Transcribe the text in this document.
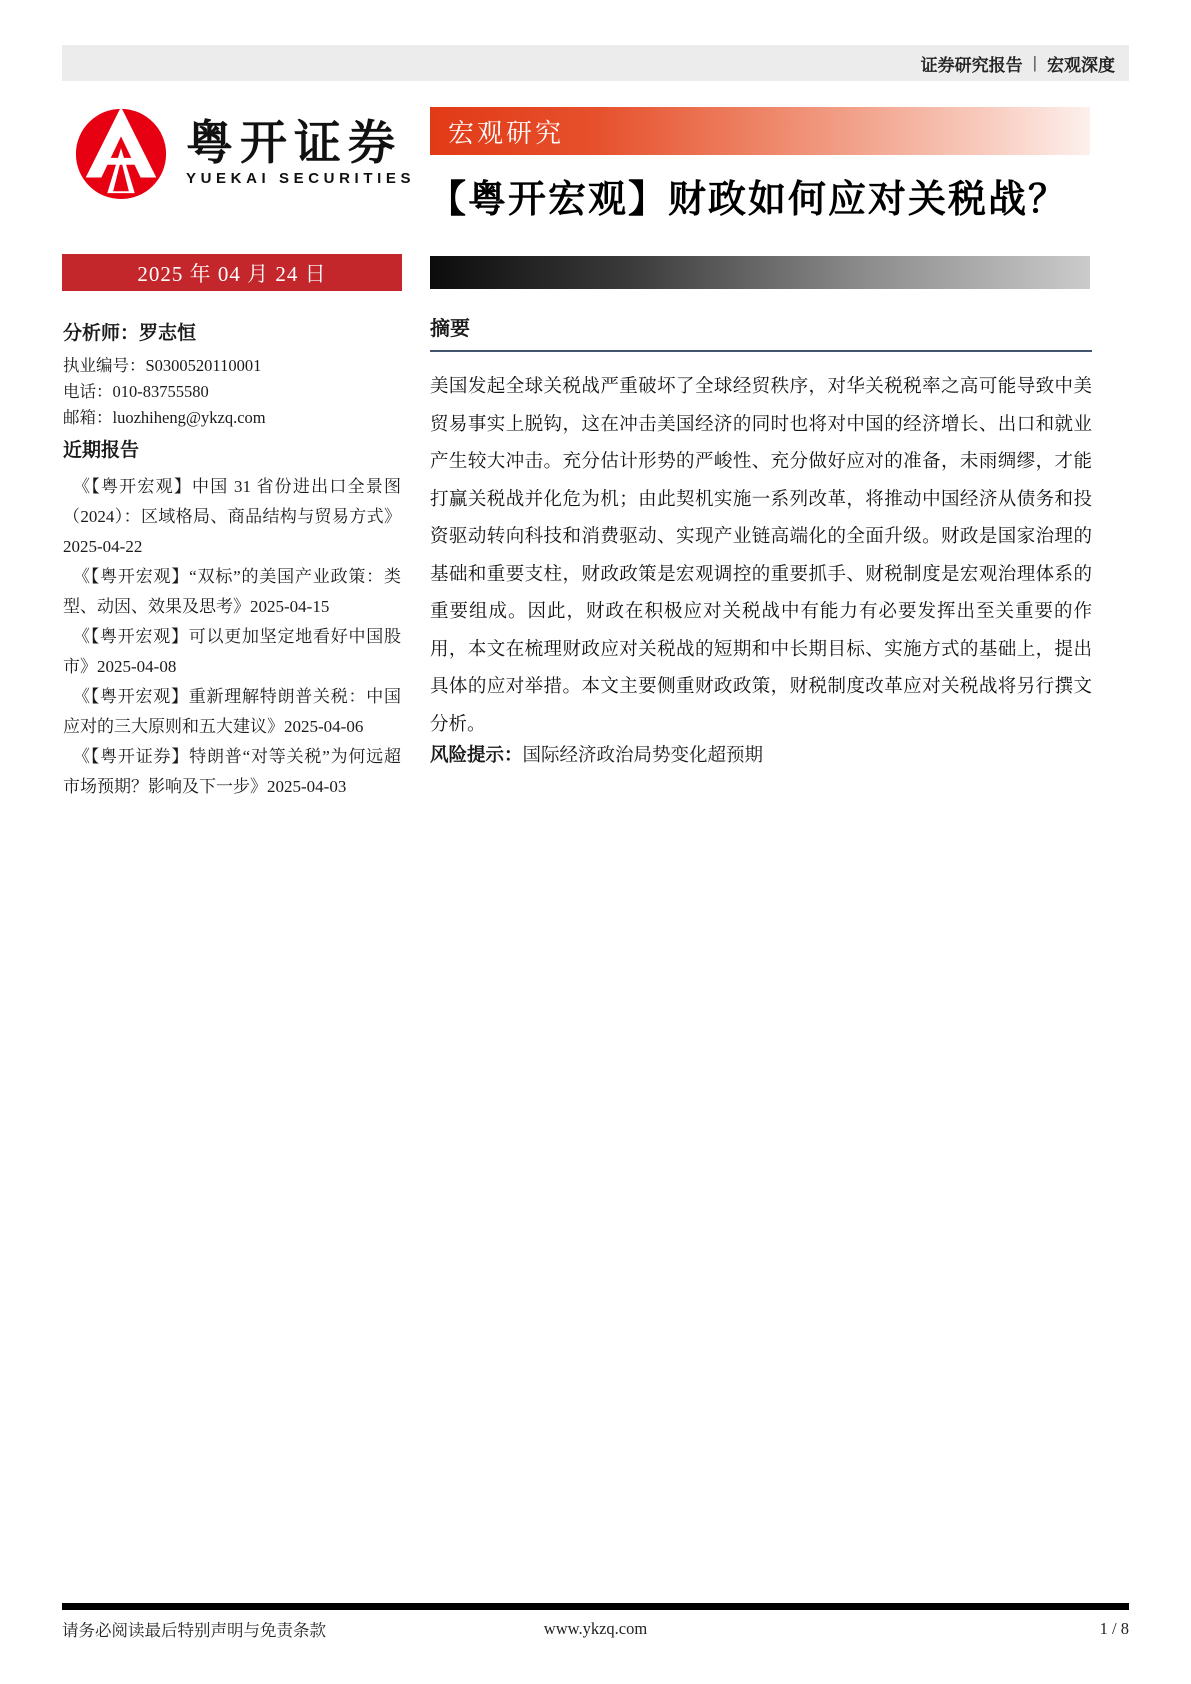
证券研究报告 | 宏观深度
粤开证券
YUEKAI SECURITIES
宏观研究
【粤开宏观】财政如何应对关税战？
2025 年 04 月 24 日
分析师：罗志恒
执业编号：S0300520110001
电话：010-83755580
邮箱：luozhiheng@ykzq.com
近期报告

《【粤开宏观】中国 31 省份进出口全景图（2024）：区域格局、商品结构与贸易方式》2025-04-22

《【粤开宏观】“双标”的美国产业政策：类型、动因、效果及思考》2025-04-15

《【粤开宏观】可以更加坚定地看好中国股市》2025-04-08

《【粤开宏观】重新理解特朗普关税：中国应对的三大原则和五大建议》2025-04-06

《【粤开证券】特朗普“对等关税”为何远超市场预期？影响及下一步》2025-04-03

摘要

美国发起全球关税战严重破坏了全球经贸秩序，对华关税税率之高可能导致中美贸易事实上脱钩，这在冲击美国经济的同时也将对中国的经济增长、出口和就业产生较大冲击。充分估计形势的严峻性、充分做好应对的准备，未雨绸缪，才能打赢关税战并化危为机；由此契机实施一系列改革，将推动中国经济从债务和投资驱动转向科技和消费驱动、实现产业链高端化的全面升级。财政是国家治理的基础和重要支柱，财政政策是宏观调控的重要抓手、财税制度是宏观治理体系的重要组成。因此，财政在积极应对关税战中有能力有必要发挥出至关重要的作用，本文在梳理财政应对关税战的短期和中长期目标、实施方式的基础上，提出具体的应对举措。本文主要侧重财政政策，财税制度改革应对关税战将另行撰文分析。

风险提示：国际经济政治局势变化超预期
请务必阅读最后特别声明与免责条款	www.ykzq.com	1 / 8
